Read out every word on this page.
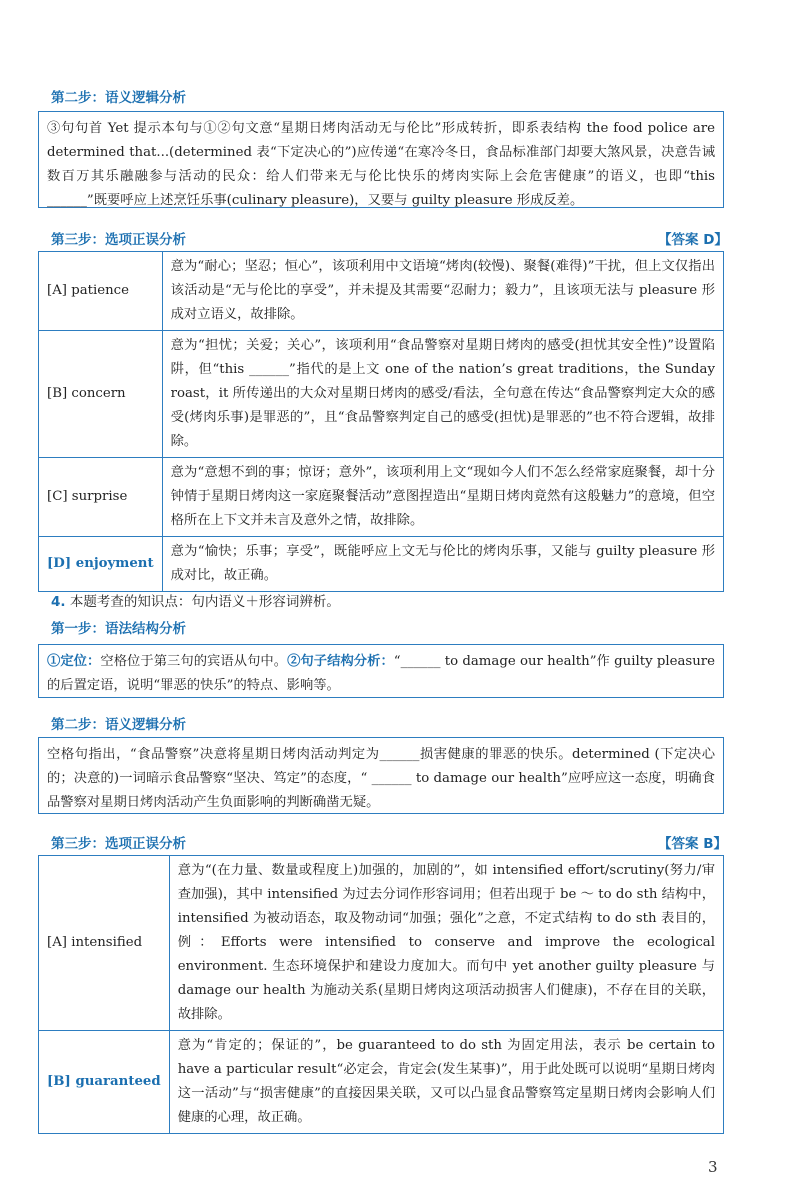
第二步：语义逻辑分析
③句句首 Yet 提示本句与①②句文意“星期日烤肉活动无与伦比”形成转折，即系表结构 the food police are determined that...(determined 表“下定决心的”)应传递“在寒冷冬日，食品标准部门却要大煞风景，决意告诫数百万其乐融融参与活动的民众：给人们带来无与伦比快乐的烤肉实际上会危害健康”的语义，也即“this ______”既要呼应上述烹饪乐事(culinary pleasure)，又要与 guilty pleasure 形成反差。
第三步：选项正误分析	【答案 D】
[A] patience	意为“耐心；坚忍；恒心”，该项利用中文语境“烤肉(较慢)、聚餐(难得)”干扰，但上文仅指出该活动是“无与伦比的享受”，并未提及其需要“忍耐力；毅力”，且该项无法与 pleasure 形成对立语义，故排除。
[B] concern	意为“担忧；关爱；关心”，该项利用“食品警察对星期日烤肉的感受(担忧其安全性)”设置陷阱，但“this ______”指代的是上文 one of the nation’s great traditions，the Sunday roast，it 所传递出的大众对星期日烤肉的感受/看法，全句意在传达“食品警察判定大众的感受(烤肉乐事)是罪恶的”，且“食品警察判定自己的感受(担忧)是罪恶的”也不符合逻辑，故排除。
[C] surprise	意为“意想不到的事；惊讶；意外”，该项利用上文“现如今人们不怎么经常家庭聚餐，却十分钟情于星期日烤肉这一家庭聚餐活动”意图捏造出“星期日烤肉竟然有这般魅力”的意境，但空格所在上下文并未言及意外之情，故排除。
[D] enjoyment	意为“愉快；乐事；享受”，既能呼应上文无与伦比的烤肉乐事，又能与 guilty pleasure 形成对比，故正确。
4. 本题考查的知识点：句内语义＋形容词辨析。
第一步：语法结构分析
①定位：空格位于第三句的宾语从句中。②句子结构分析：“______ to damage our health”作 guilty pleasure 的后置定语，说明“罪恶的快乐”的特点、影响等。
第二步：语义逻辑分析
空格句指出，“食品警察”决意将星期日烤肉活动判定为______损害健康的罪恶的快乐。determined (下定决心的；决意的)一词暗示食品警察“坚决、笃定”的态度，“ ______ to damage our health”应呼应这一态度，明确食品警察对星期日烤肉活动产生负面影响的判断确凿无疑。
第三步：选项正误分析	【答案 B】
[A] intensified	意为“(在力量、数量或程度上)加强的，加剧的”，如 intensified effort/scrutiny(努力/审查加强)，其中 intensified 为过去分词作形容词用；但若出现于 be ～ to do sth 结构中，intensified 为被动语态，取及物动词“加强；强化”之意，不定式结构 to do sth 表目的，例：Efforts were intensified to conserve and improve the ecological environment. 生态环境保护和建设力度加大。而句中 yet another guilty pleasure 与 damage our health 为施动关系(星期日烤肉这项活动损害人们健康)，不存在目的关联，故排除。
[B] guaranteed	意为“肯定的；保证的”，be guaranteed to do sth 为固定用法，表示 be certain to have a particular result“必定会，肯定会(发生某事)”，用于此处既可以说明“星期日烤肉这一活动”与“损害健康”的直接因果关联，又可以凸显食品警察笃定星期日烤肉会影响人们健康的心理，故正确。
3
